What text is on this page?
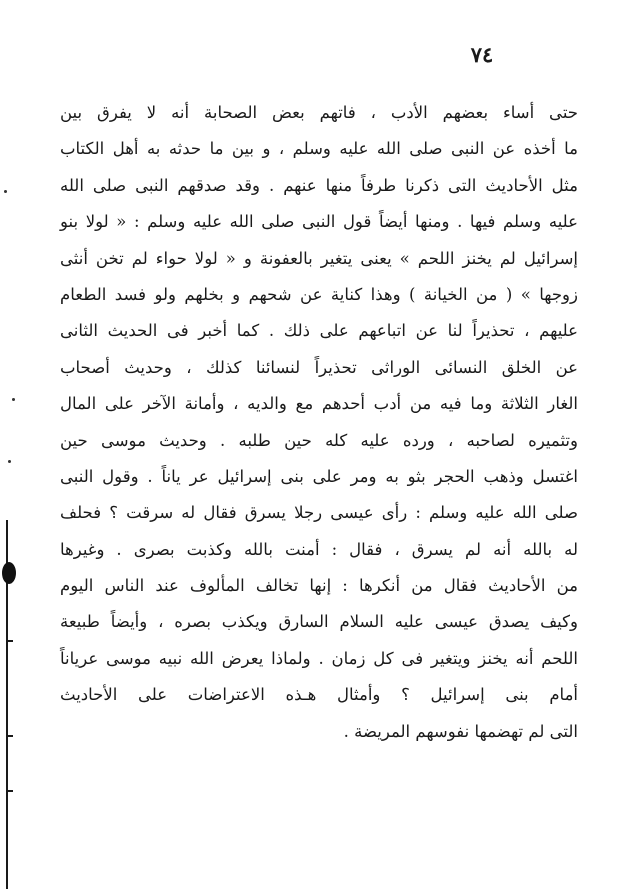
٧٤
حتى أساء بعضهم الأدب ، فاتهم بعض الصحابة أنه لا يفرق بين
ما أخذه عن النبى صلى الله عليه وسلم ، و بين ما حدثه به أهل الكتاب
مثل الأحاديث التى ذكرنا طرفاً منها عنهم . وقد صدقهم النبى صلى الله
عليه وسلم فيها . ومنها أيضاً قول النبى صلى الله عليه وسلم : « لولا بنو
إسرائيل لم يخنز اللحم » يعنى يتغير بالعفونة و « لولا حواء لم تخن أنثى
زوجها » ( من الخيانة ) وهذا كناية عن شحهم و بخلهم ولو فسد الطعام
عليهم ، تحذيراً لنا عن اتباعهم على ذلك . كما أخبر فى الحديث الثانى
عن الخلق النسائى الوراثى تحذيراً لنسائنا كذلك ، وحديث أصحاب
الغار الثلاثة وما فيه من أدب أحدهم مع والديه ، وأمانة الآخر على المال
وتثميره لصاحبه ، ورده عليه كله حين طلبه . وحديث موسى حين
اغتسل وذهب الحجر بثو به ومر على بنى إسرائيل عر ياناً . وقول النبى
صلى الله عليه وسلم : رأى عيسى رجلا يسرق فقال له سرقت ؟ فحلف
له بالله أنه لم يسرق ، فقال : أمنت بالله وكذبت بصرى . وغيرها
من الأحاديث فقال من أنكرها : إنها تخالف المألوف عند الناس اليوم
وكيف يصدق عيسى عليه السلام السارق ويكذب بصره ، وأيضاً طبيعة
اللحم أنه يخنز ويتغير فى كل زمان . ولماذا يعرض الله نبيه موسى عرياناً
أمام بنى إسرائيل ؟ وأمثال هـذه الاعتراضات على الأحاديث
التى لم تهضمها نفوسهم المريضة .
